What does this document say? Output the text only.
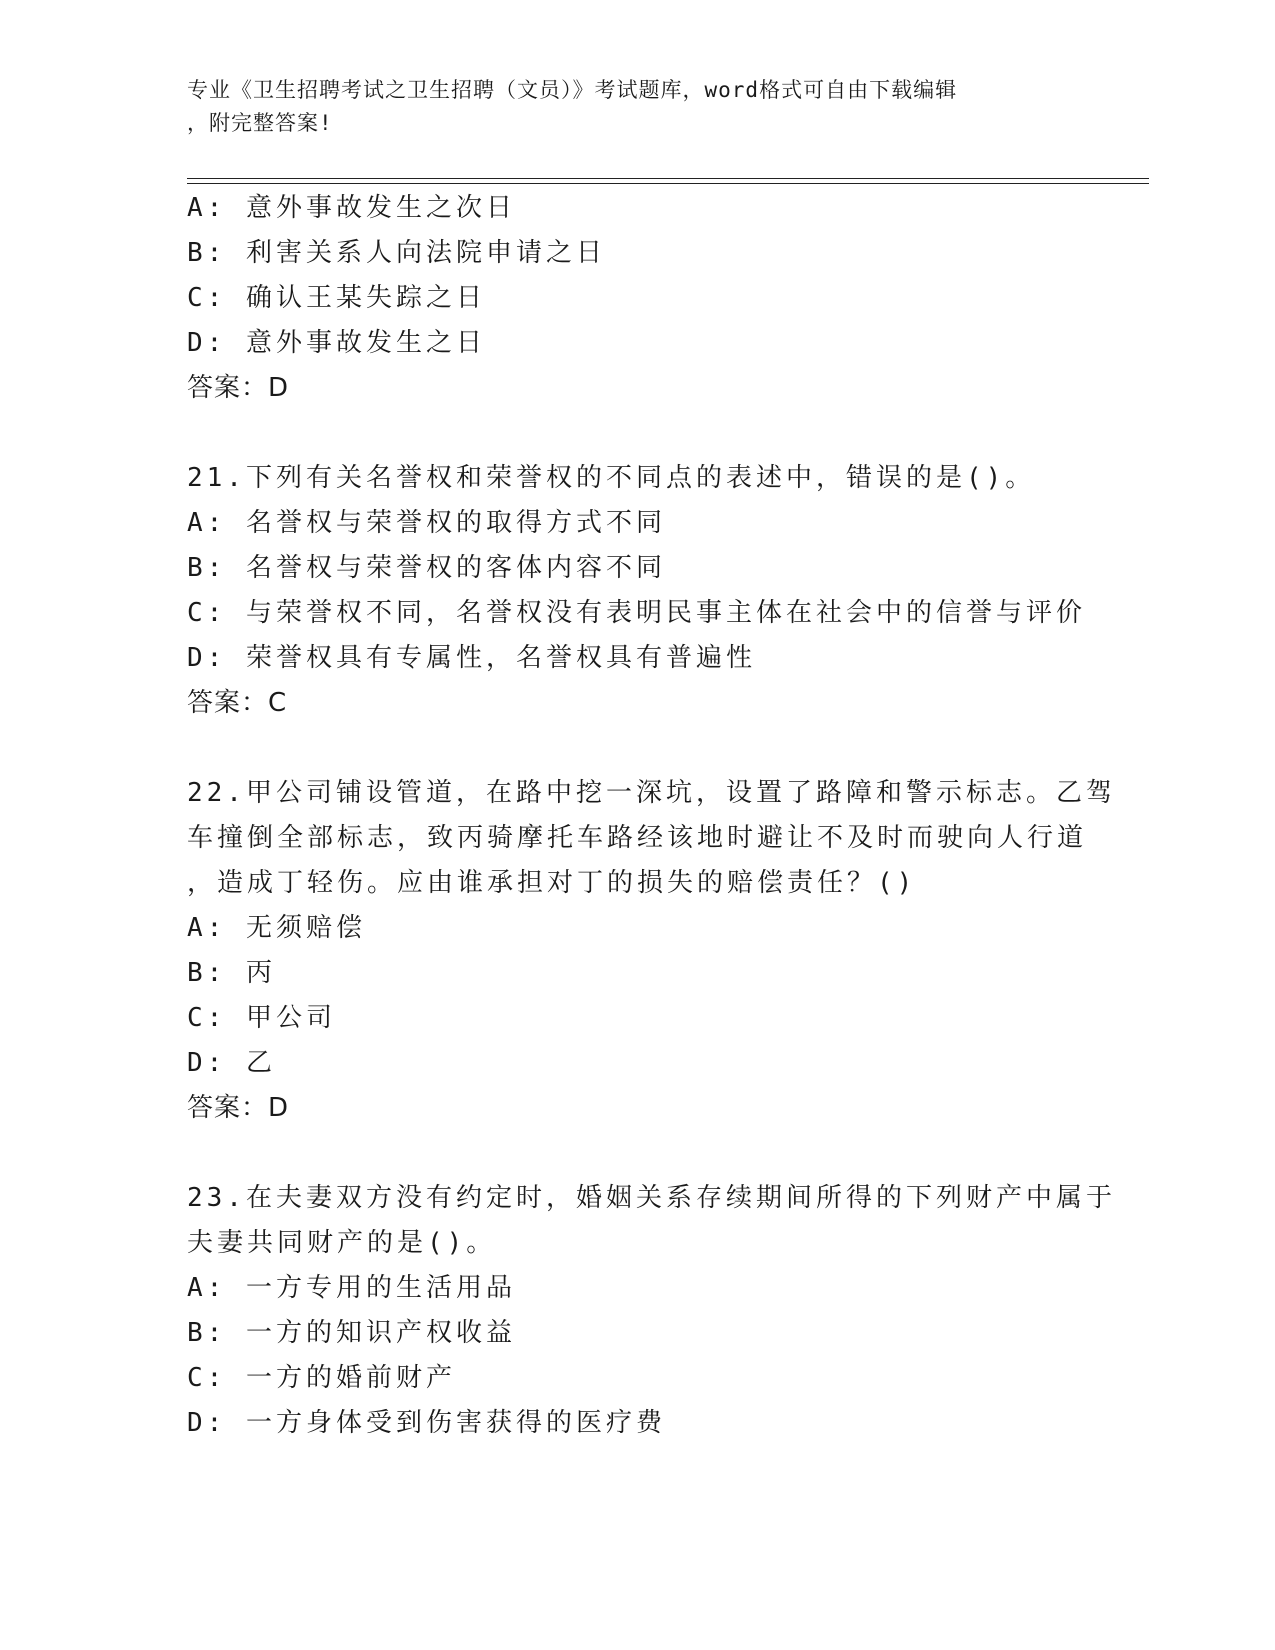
专业《卫生招聘考试之卫生招聘（文员）》考试题库，word格式可自由下载编辑
，附完整答案!
A: 意外事故发生之次日
B: 利害关系人向法院申请之日
C: 确认王某失踪之日
D: 意外事故发生之日
答案：D
21.下列有关名誉权和荣誉权的不同点的表述中，错误的是()。
A: 名誉权与荣誉权的取得方式不同
B: 名誉权与荣誉权的客体内容不同
C: 与荣誉权不同，名誉权没有表明民事主体在社会中的信誉与评价
D: 荣誉权具有专属性，名誉权具有普遍性
答案：C
22.甲公司铺设管道，在路中挖一深坑，设置了路障和警示标志。乙驾
车撞倒全部标志，致丙骑摩托车路经该地时避让不及时而驶向人行道
，造成丁轻伤。应由谁承担对丁的损失的赔偿责任？()
A: 无须赔偿
B: 丙
C: 甲公司
D: 乙
答案：D
23.在夫妻双方没有约定时，婚姻关系存续期间所得的下列财产中属于
夫妻共同财产的是()。
A: 一方专用的生活用品
B: 一方的知识产权收益
C: 一方的婚前财产
D: 一方身体受到伤害获得的医疗费
